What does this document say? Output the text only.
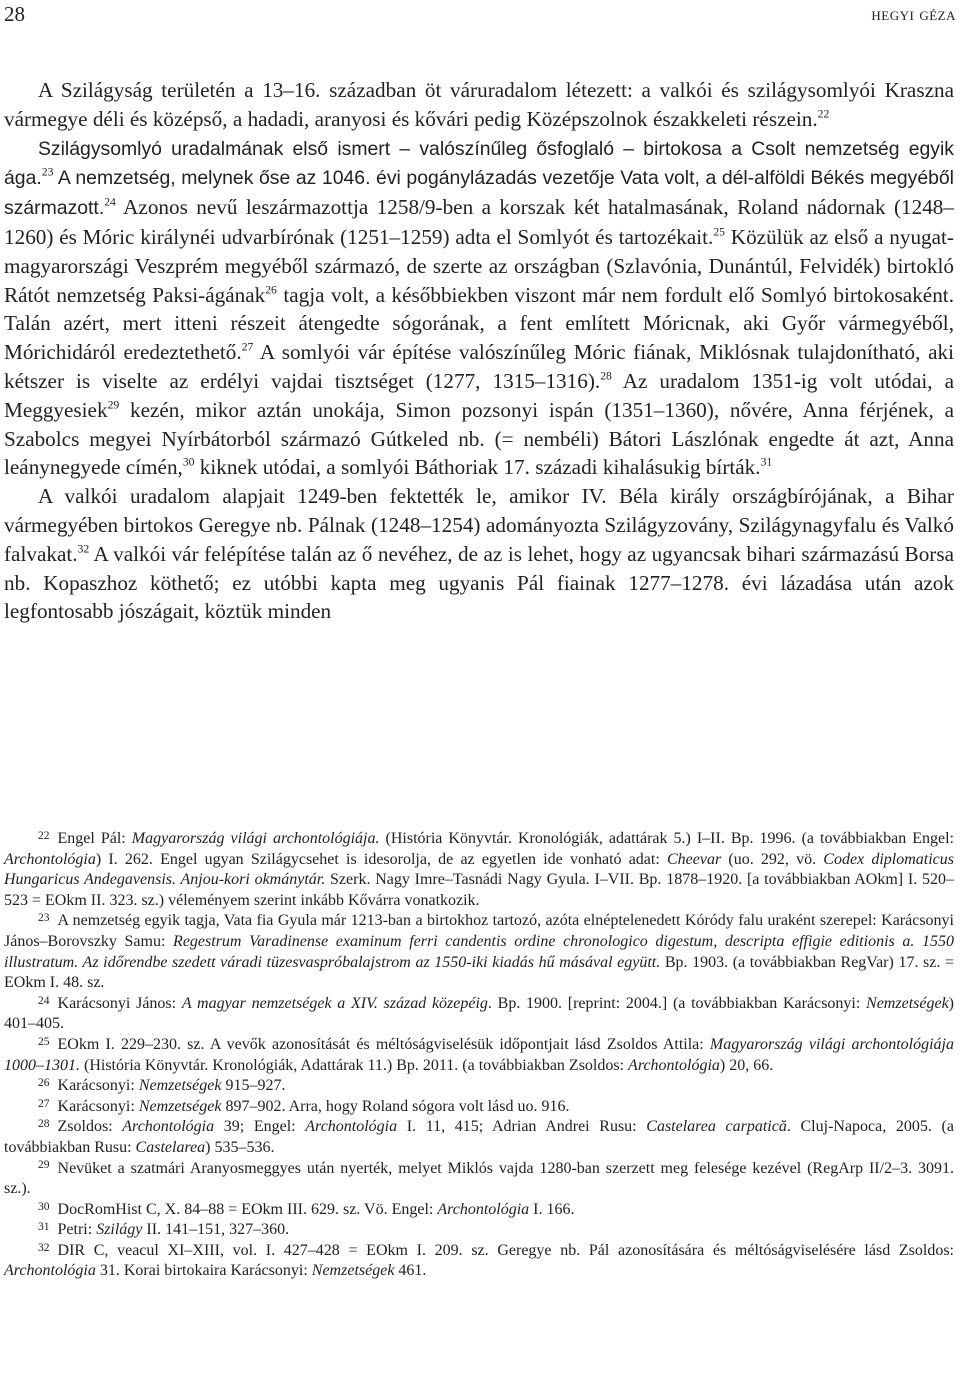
28	hegyi géza

A Szilágyság területén a 13–16. században öt váruradalom létezett: a valkói és szilágysomlyói Kraszna vármegye déli és középső, a hadadi, aranyosi és kővári pedig Középszolnok északkeleti részein.$^{22}$

Szilágysomlyó uradalmának első ismert – valószínűleg ősfoglaló – birtokosa a Csolt nemzetség egyik ága.$^{23}$ A nemzetség, melynek őse az 1046. évi pogánylázadás vezetője Vata volt, a dél-alföldi Békés megyéből származott.$^{24}$ Azonos nevű leszármazottja 1258/9-ben a korszak két hatalmasának, Roland nádornak (1248–1260) és Móric királynéi udvarbírónak (1251–1259) adta el Somlyót és tartozékait.$^{25}$ Közülük az első a nyugat-magyarországi Veszprém megyéből származó, de szerte az országban (Szlavónia, Dunántúl, Felvidék) birtokló Rátót nemzetség Paksi-ágának$^{26}$ tagja volt, a későbbiekben viszont már nem fordult elő Somlyó birtokosaként. Talán azért, mert itteni részeit átengedte sógorának, a fent említett Móricnak, aki Győr vármegyéből, Mórichidáról eredeztethető.$^{27}$ A somlyói vár építése valószínűleg Móric fiának, Miklósnak tulajdonítható, aki kétszer is viselte az erdélyi vajdai tisztséget (1277, 1315–1316).$^{28}$ Az uradalom 1351-ig volt utódai, a Meggyesiek$^{29}$ kezén, mikor aztán unokája, Simon pozsonyi ispán (1351–1360), nővére, Anna férjének, a Szabolcs megyei Nyírbátorból származó Gútkeled nb. (= nembéli) Bátori Lászlónak engedte át azt, Anna leánynegyede címén,$^{30}$ kiknek utódai, a somlyói Báthoriak 17. századi kihalásukig bírták.$^{31}$

A valkói uradalom alapjait 1249-ben fektették le, amikor IV. Béla király országbírójának, a Bihar vármegyében birtokos Geregye nb. Pálnak (1248–1254) adományozta Szilágyzovány, Szilágynagyfalu és Valkó falvakat.$^{32}$ A valkói vár felépítése talán az ő nevéhez, de az is lehet, hogy az ugyancsak bihari származású Borsa nb. Kopaszhoz köthető; ez utóbbi kapta meg ugyanis Pál fiainak 1277–1278. évi lázadása után azok legfontosabb jószágait, köztük minden

$^{22}$ Engel Pál: Magyarország világi archontológiája. (História Könyvtár. Kronológiák, adattárak 5.) I–II. Bp. 1996. (a továbbiakban Engel: Archontológia) I. 262. Engel ugyan Szilágycsehet is idesorolja, de az egyetlen ide vonható adat: Cheevar (uo. 292, vö. Codex diplomaticus Hungaricus Andegavensis. Anjou-kori okmánytár. Szerk. Nagy Imre–Tasnádi Nagy Gyula. I–VII. Bp. 1878–1920. [a továbbiakban AOkm] I. 520–523 = EOkm II. 323. sz.) véleményem szerint inkább Kővárra vonatkozik.

$^{23}$ A nemzetség egyik tagja, Vata fia Gyula már 1213-ban a birtokhoz tartozó, azóta elnéptelenedett Kóródy falu uraként szerepel: Karácsonyi János–Borovszky Samu: Regestrum Varadinense examinum ferri candentis ordine chronologico digestum, descripta effigie editionis a. 1550 illustratum. Az időrendbe szedett váradi tüzesvaspróbalajstrom az 1550-iki kiadás hű másával együtt. Bp. 1903. (a továbbiakban RegVar) 17. sz. = EOkm I. 48. sz.

$^{24}$ Karácsonyi János: A magyar nemzetségek a XIV. század közepéig. Bp. 1900. [reprint: 2004.] (a továbbiakban Karácsonyi: Nemzetségek) 401–405.

$^{25}$ EOkm I. 229–230. sz. A vevők azonosítását és méltóságviselésük időpontjait lásd Zsoldos Attila: Magyarország világi archontológiája 1000–1301. (História Könyvtár. Kronológiák, Adattárak 11.) Bp. 2011. (a továbbiakban Zsoldos: Archontológia) 20, 66.

$^{26}$ Karácsonyi: Nemzetségek 915–927.

$^{27}$ Karácsonyi: Nemzetségek 897–902. Arra, hogy Roland sógora volt lásd uo. 916.

$^{28}$ Zsoldos: Archontológia 39; Engel: Archontológia I. 11, 415; Adrian Andrei Rusu: Castelarea carpatică. Cluj-Napoca, 2005. (a továbbiakban Rusu: Castelarea) 535–536.

$^{29}$ Nevüket a szatmári Aranyosmeggyes után nyerték, melyet Miklós vajda 1280-ban szerzett meg felesége kezével (RegArp II/2–3. 3091. sz.).

$^{30}$ DocRomHist C, X. 84–88 = EOkm III. 629. sz. Vö. Engel: Archontológia I. 166.

$^{31}$ Petri: Szilágy II. 141–151, 327–360.

$^{32}$ DIR C, veacul XI–XIII, vol. I. 427–428 = EOkm I. 209. sz. Geregye nb. Pál azonosítására és méltóságviselésére lásd Zsoldos: Archontológia 31. Korai birtokaira Karácsonyi: Nemzetségek 461.
